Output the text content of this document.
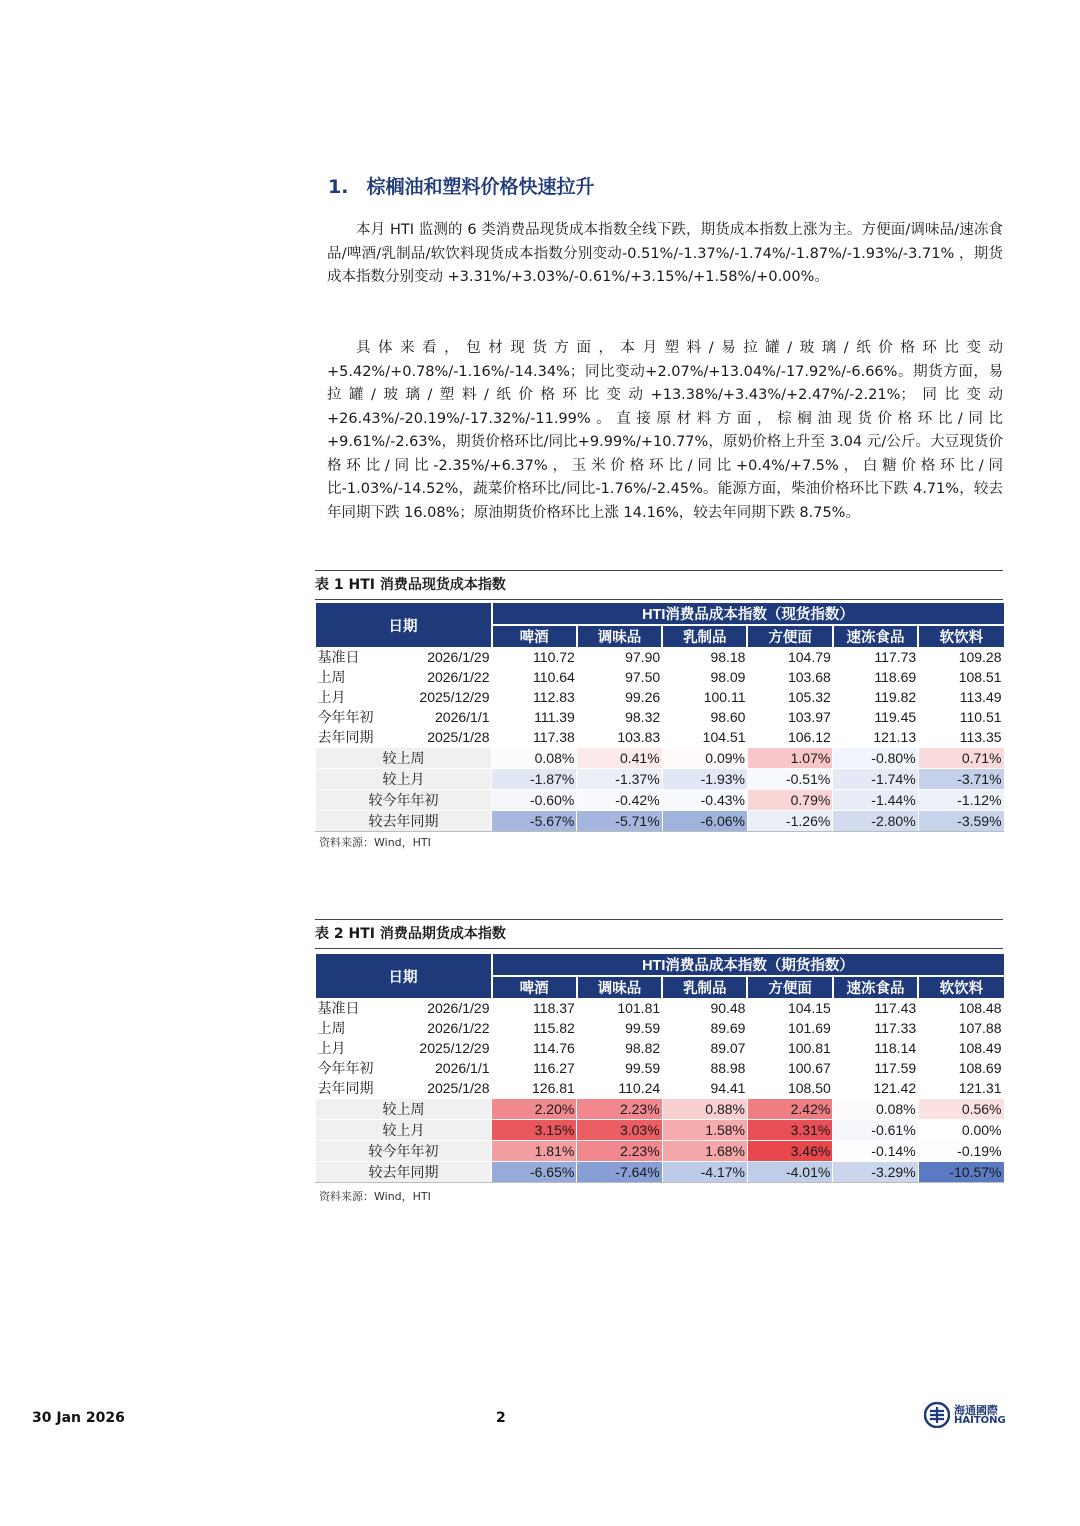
1. 棕榈油和塑料价格快速拉升

本月 HTI 监测的 6 类消费品现货成本指数全线下跌，期货成本指数上涨为主。方便面/调味品/速冻食品/啤酒/乳制品/软饮料现货成本指数分别变动-0.51%/-1.37%/-1.74%/-1.87%/-1.93%/-3.71% ，期货成本指数分别变动 +3.31%/+3.03%/-0.61%/+3.15%/+1.58%/+0.00%。

具体来看，包材现货方面，本月塑料/易拉罐/玻璃/纸价格环比变动+5.42%/+0.78%/-1.16%/-14.34%；同比变动+2.07%/+13.04%/-17.92%/-6.66%。期货方面，易拉罐/玻璃/塑料/纸价格环比变动+13.38%/+3.43%/+2.47%/-2.21%；同比变动+26.43%/-20.19%/-17.32%/-11.99%。直接原材料方面，棕榈油现货价格环比/同比+9.61%/-2.63%，期货价格环比/同比+9.99%/+10.77%，原奶价格上升至 3.04 元/公斤。大豆现货价格环比/同比-2.35%/+6.37%，玉米价格环比/同比+0.4%/+7.5%，白糖价格环比/同比-1.03%/-14.52%，蔬菜价格环比/同比-1.76%/-2.45%。能源方面，柴油价格环比下跌 4.71%，较去年同期下跌 16.08%；原油期货价格环比上涨 14.16%，较去年同期下跌 8.75%。

表 1 HTI 消费品现货成本指数
日期	HTI消费品成本指数（现货指数）					
	啤酒	调味品	乳制品	方便面	速冻食品	软饮料
基准日 2026/1/29	110.72	97.90	98.18	104.79	117.73	109.28
上周 2026/1/22	110.64	97.50	98.09	103.68	118.69	108.51
上月 2025/12/29	112.83	99.26	100.11	105.32	119.82	113.49
今年年初 2026/1/1	111.39	98.32	98.60	103.97	119.45	110.51
去年同期 2025/1/28	117.38	103.83	104.51	106.12	121.13	113.35
较上周	0.08%	0.41%	0.09%	1.07%	-0.80%	0.71%
较上月	-1.87%	-1.37%	-1.93%	-0.51%	-1.74%	-3.71%
较今年年初	-0.60%	-0.42%	-0.43%	0.79%	-1.44%	-1.12%
较去年同期	-5.67%	-5.71%	-6.06%	-1.26%	-2.80%	-3.59%
资料来源：Wind，HTI
表 2 HTI 消费品期货成本指数
日期	HTI消费品成本指数（期货指数）					
	啤酒	调味品	乳制品	方便面	速冻食品	软饮料
基准日 2026/1/29	118.37	101.81	90.48	104.15	117.43	108.48
上周 2026/1/22	115.82	99.59	89.69	101.69	117.33	107.88
上月 2025/12/29	114.76	98.82	89.07	100.81	118.14	108.49
今年年初 2026/1/1	116.27	99.59	88.98	100.67	117.59	108.69
去年同期 2025/1/28	126.81	110.24	94.41	108.50	121.42	121.31
较上周	2.20%	2.23%	0.88%	2.42%	0.08%	0.56%
较上月	3.15%	3.03%	1.58%	3.31%	-0.61%	0.00%
较今年年初	1.81%	2.23%	1.68%	3.46%	-0.14%	-0.19%
较去年同期	-6.65%	-7.64%	-4.17%	-4.01%	-3.29%	-10.57%
资料来源：Wind，HTI
30 Jan 2026	2	海通國際
HAITONG
